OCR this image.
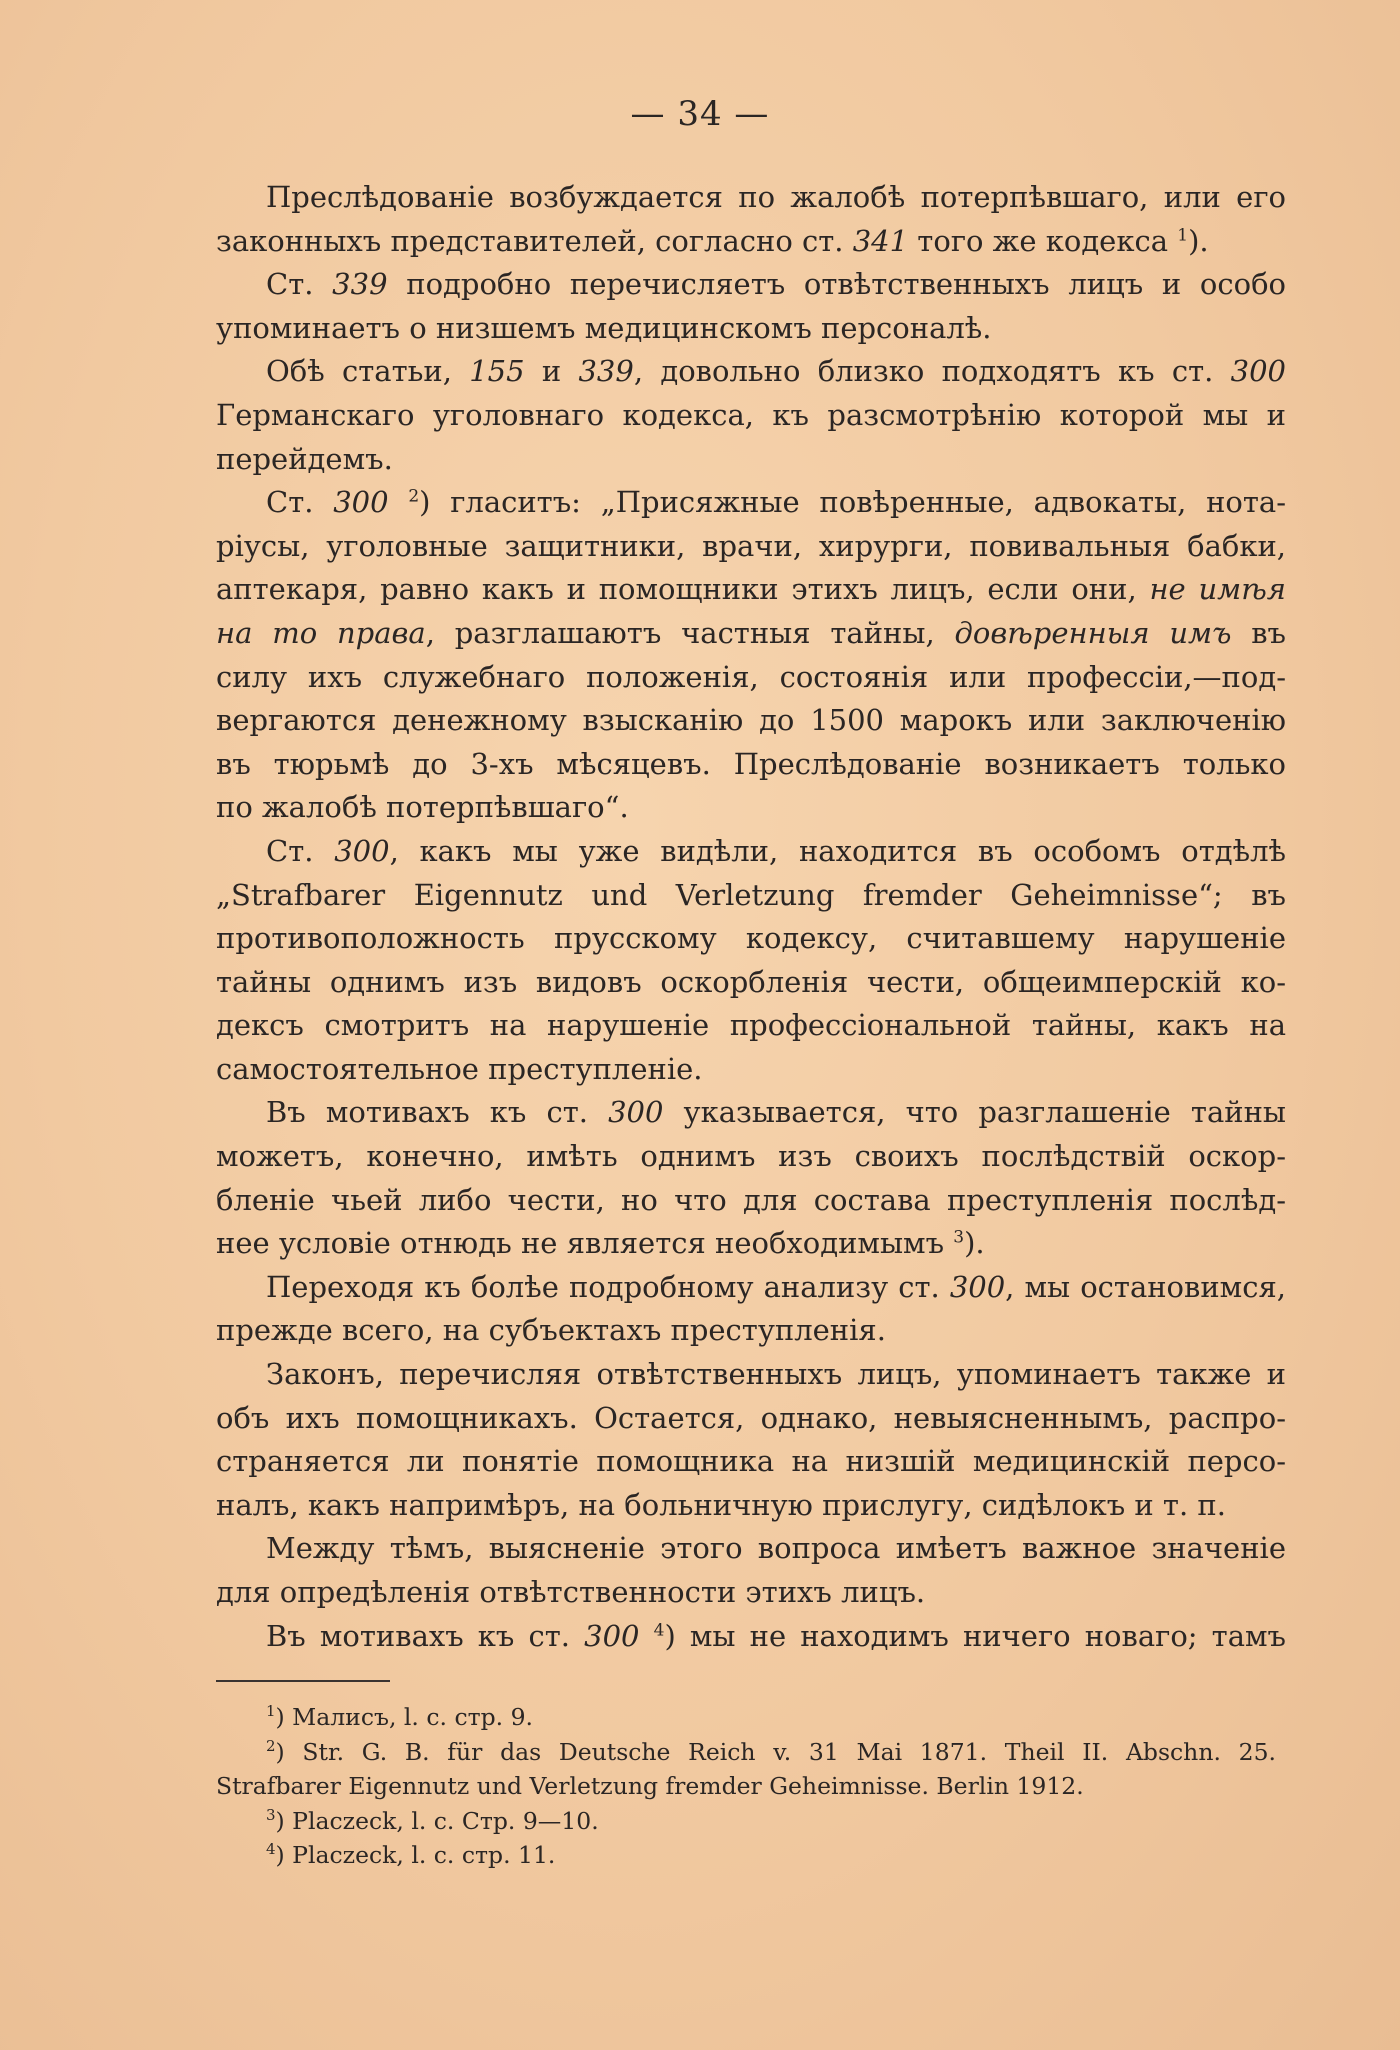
— 34 —
Преслѣдованіе возбуждается по жалобѣ потерпѣвшаго, или его
законныхъ представителей, согласно ст. 341 того же кодекса $^1$).
Ст. 339 подробно перечисляетъ отвѣтственныхъ лицъ и особо
упоминаетъ о низшемъ медицинскомъ персоналѣ.
Обѣ статьи, 155 и 339, довольно близко подходятъ къ ст. 300
Германскаго уголовнаго кодекса, къ разсмотрѣнію которой мы и
перейдемъ.
Ст. 300 $^2$) гласитъ: „Присяжные повѣренные, адвокаты, нота-
ріусы, уголовные защитники, врачи, хирурги, повивальныя бабки,
аптекаря, равно какъ и помощники этихъ лицъ, если они, не имѣя
на то права, разглашаютъ частныя тайны, довѣренныя имъ въ
силу ихъ служебнаго положенія, состоянія или профессіи,—под-
вергаются денежному взысканію до 1500 марокъ или заключенію
въ тюрьмѣ до 3-хъ мѣсяцевъ. Преслѣдованіе возникаетъ только
по жалобѣ потерпѣвшаго“.
Ст. 300, какъ мы уже видѣли, находится въ особомъ отдѣлѣ
„Strafbarer Eigennutz und Verletzung fremder Geheimnisse“; въ
противоположность прусскому кодексу, считавшему нарушеніе
тайны однимъ изъ видовъ оскорбленія чести, общеимперскій ко-
дексъ смотритъ на нарушеніе профессіональной тайны, какъ на
самостоятельное преступленіе.
Въ мотивахъ къ ст. 300 указывается, что разглашеніе тайны
можетъ, конечно, имѣть однимъ изъ своихъ послѣдствій оскор-
бленіе чьей либо чести, но что для состава преступленія послѣд-
нее условіе отнюдь не является необходимымъ $^3$).
Переходя къ болѣе подробному анализу ст. 300, мы остановимся,
прежде всего, на субъектахъ преступленія.
Законъ, перечисляя отвѣтственныхъ лицъ, упоминаетъ также и
объ ихъ помощникахъ. Остается, однако, невыясненнымъ, распро-
страняется ли понятіе помощника на низшій медицинскій персо-
налъ, какъ напримѣръ, на больничную прислугу, сидѣлокъ и т. п.
Между тѣмъ, выясненіе этого вопроса имѣетъ важное значеніе
для опредѣленія отвѣтственности этихъ лицъ.
Въ мотивахъ къ ст. 300 $^4$) мы не находимъ ничего новаго; тамъ
$^1$) Малисъ, l. c. стр. 9.
$^2$) Str. G. B. für das Deutsche Reich v. 31 Mai 1871. Theil II. Abschn. 25.
Strafbarer Eigennutz und Verletzung fremder Geheimnisse. Berlin 1912.
$^3$) Placzeck, l. c. Стр. 9—10.
$^4$) Placzeck, l. c. стр. 11.
